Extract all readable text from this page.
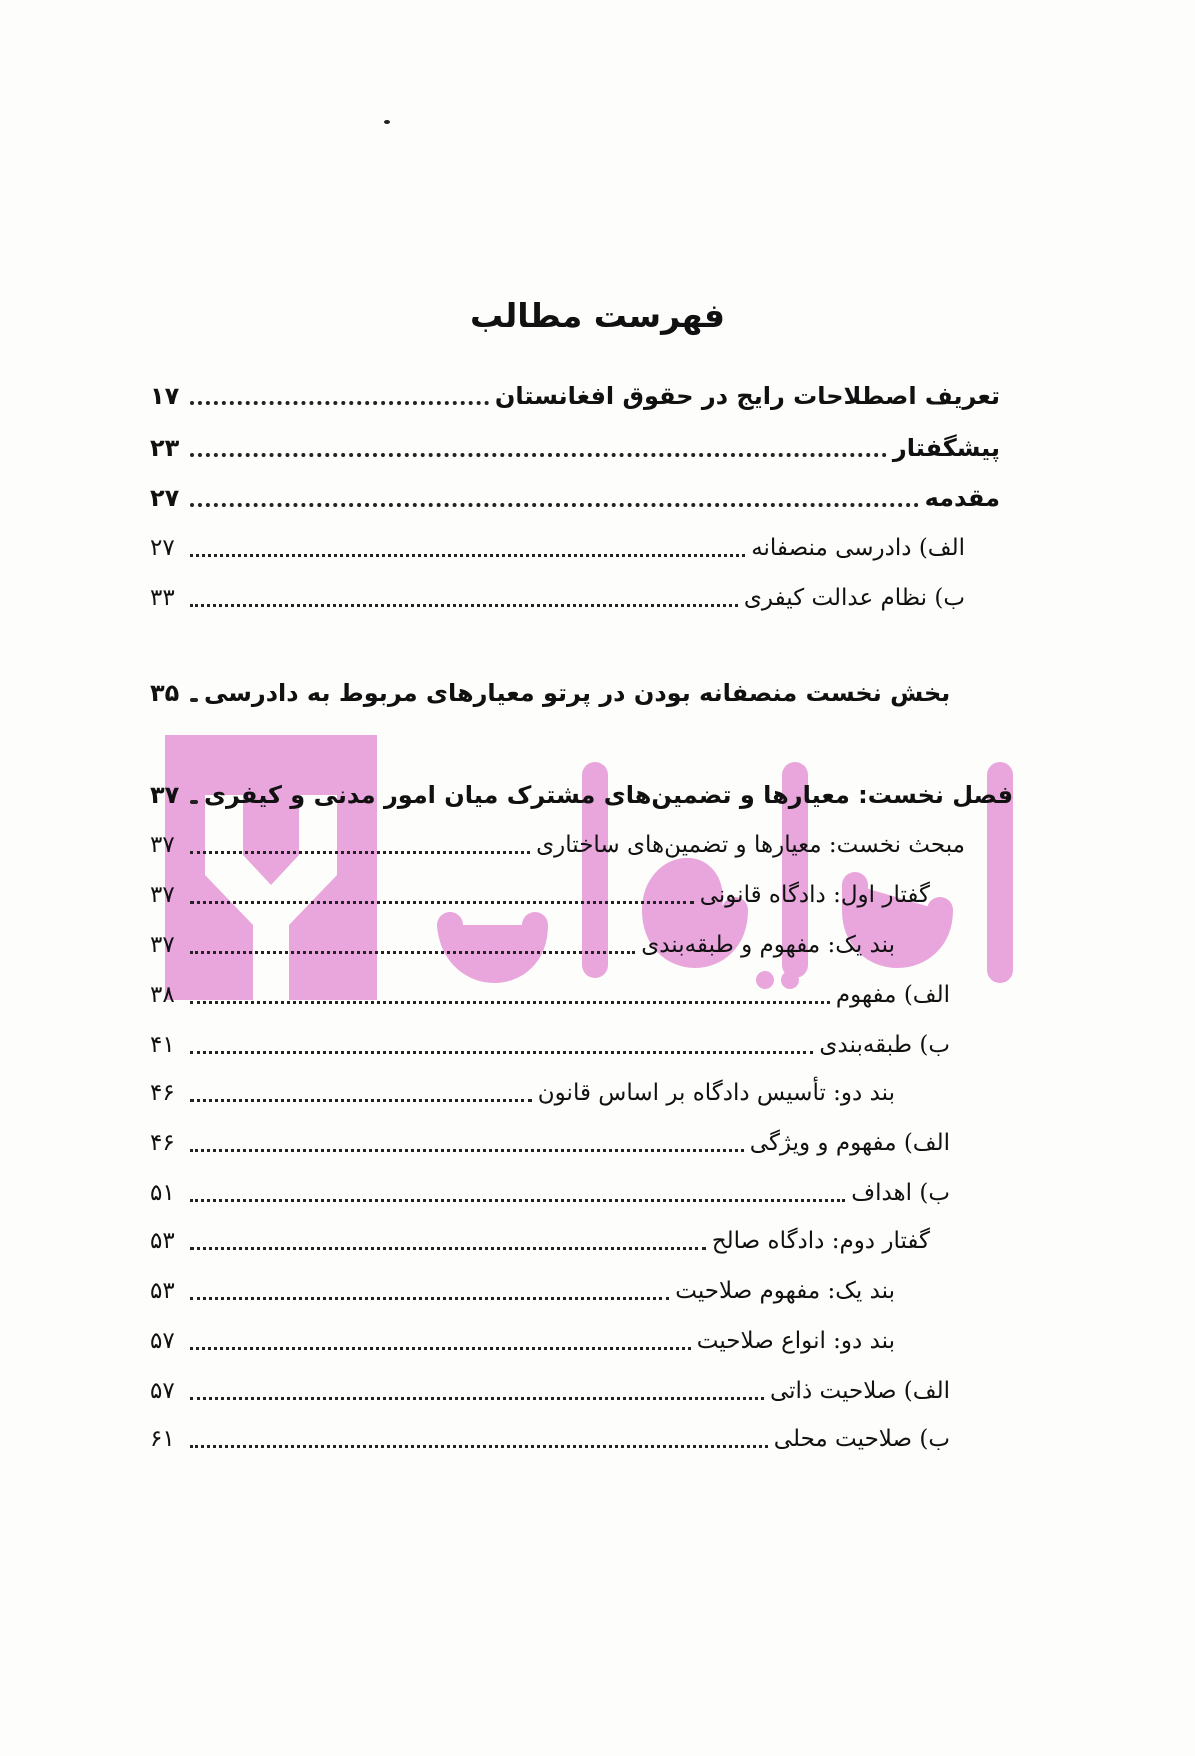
فهرست مطالب
۱۷	تعریف اصطلاحات رایج در حقوق افغانستان
۲۳	پیشگفتار
۲۷	مقدمه
۲۷	الف) دادرسی منصفانه
۳۳	ب) نظام عدالت کیفری
۳۵ بخش نخست منصفانه بودن در پرتو معیارهای مربوط به دادرسی
۳۷ فصل نخست: معیارها و تضمین‌های مشترک میان امور مدنی و کیفری
۳۷	مبحث نخست: معیارها و تضمین‌های ساختاری
۳۷	گفتار اول: دادگاه قانونی
۳۷	بند یک: مفهوم و طبقه‌بندی
۳۸	الف) مفهوم
۴۱	ب) طبقه‌بندی
۴۶	بند دو: تأسیس دادگاه بر اساس قانون
۴۶	الف) مفهوم و ویژگی
۵۱	ب) اهداف
۵۳	گفتار دوم: دادگاه صالح
۵۳	بند یک: مفهوم صلاحیت
۵۷	بند دو: انواع صلاحیت
۵۷	الف) صلاحیت ذاتی
۶۱	ب) صلاحیت محلی
